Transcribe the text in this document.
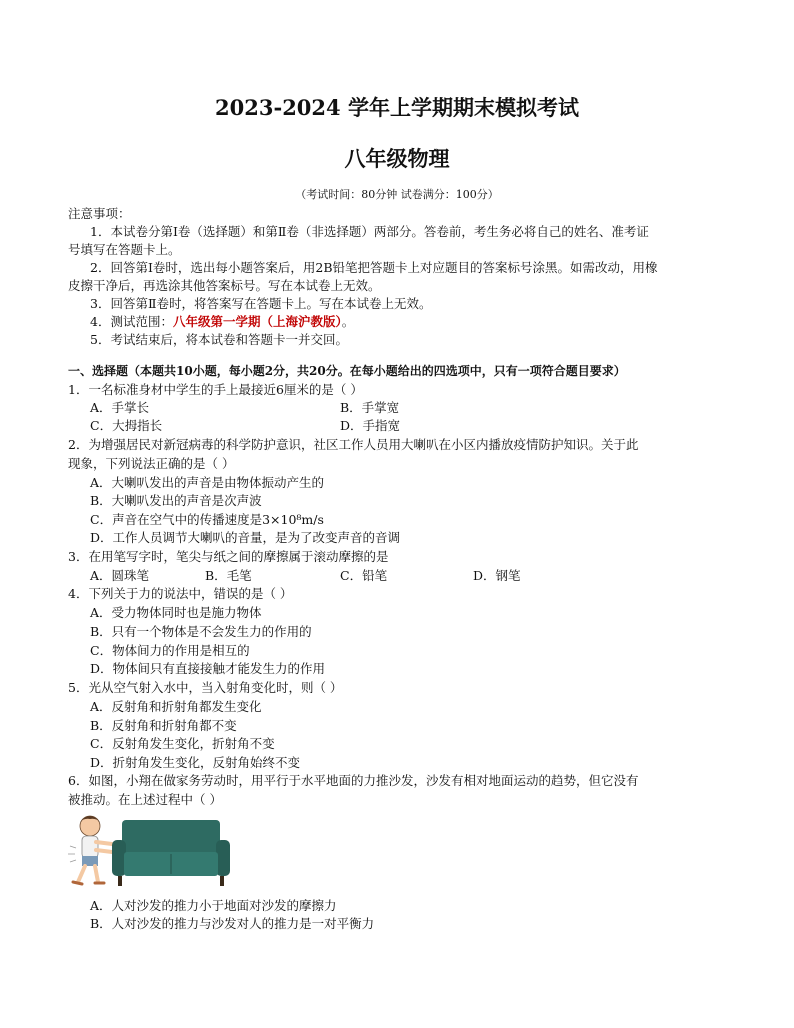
2023-2024 学年上学期期末模拟考试
八年级物理
（考试时间：80分钟 试卷满分：100分）
注意事项：
1．本试卷分第Ⅰ卷（选择题）和第Ⅱ卷（非选择题）两部分。答卷前，考生务必将自己的姓名、准考证
号填写在答题卡上。
2．回答第Ⅰ卷时，选出每小题答案后，用2B铅笔把答题卡上对应题目的答案标号涂黑。如需改动，用橡
皮擦干净后，再选涂其他答案标号。写在本试卷上无效。
3．回答第Ⅱ卷时，将答案写在答题卡上。写在本试卷上无效。
4．测试范围：八年级第一学期（上海沪教版）。
5．考试结束后，将本试卷和答题卡一并交回。
一、选择题（本题共10小题，每小题2分，共20分。在每小题给出的四选项中，只有一项符合题目要求）
1．一名标准身材中学生的手上最接近6厘米的是（ ）
A．手掌长	B．手掌宽
C．大拇指长	D．手指宽
2．为增强居民对新冠病毒的科学防护意识，社区工作人员用大喇叭在小区内播放疫情防护知识。关于此
现象，下列说法正确的是（ ）
A．大喇叭发出的声音是由物体振动产生的
B．大喇叭发出的声音是次声波
C．声音在空气中的传播速度是3×10⁸m/s
D．工作人员调节大喇叭的音量，是为了改变声音的音调
3．在用笔写字时，笔尖与纸之间的摩擦属于滚动摩擦的是
A．圆珠笔	B．毛笔	C．铅笔	D．钢笔
4．下列关于力的说法中，错误的是（ ）
A．受力物体同时也是施力物体
B．只有一个物体是不会发生力的作用的
C．物体间力的作用是相互的
D．物体间只有直接接触才能发生力的作用
5．光从空气射入水中，当入射角变化时，则（ ）
A．反射角和折射角都发生变化
B．反射角和折射角都不变
C．反射角发生变化，折射角不变
D．折射角发生变化，反射角始终不变
6．如图，小翔在做家务劳动时，用平行于水平地面的力推沙发，沙发有相对地面运动的趋势，但它没有
被推动。在上述过程中（ ）
A．人对沙发的推力小于地面对沙发的摩擦力
B．人对沙发的推力与沙发对人的推力是一对平衡力
